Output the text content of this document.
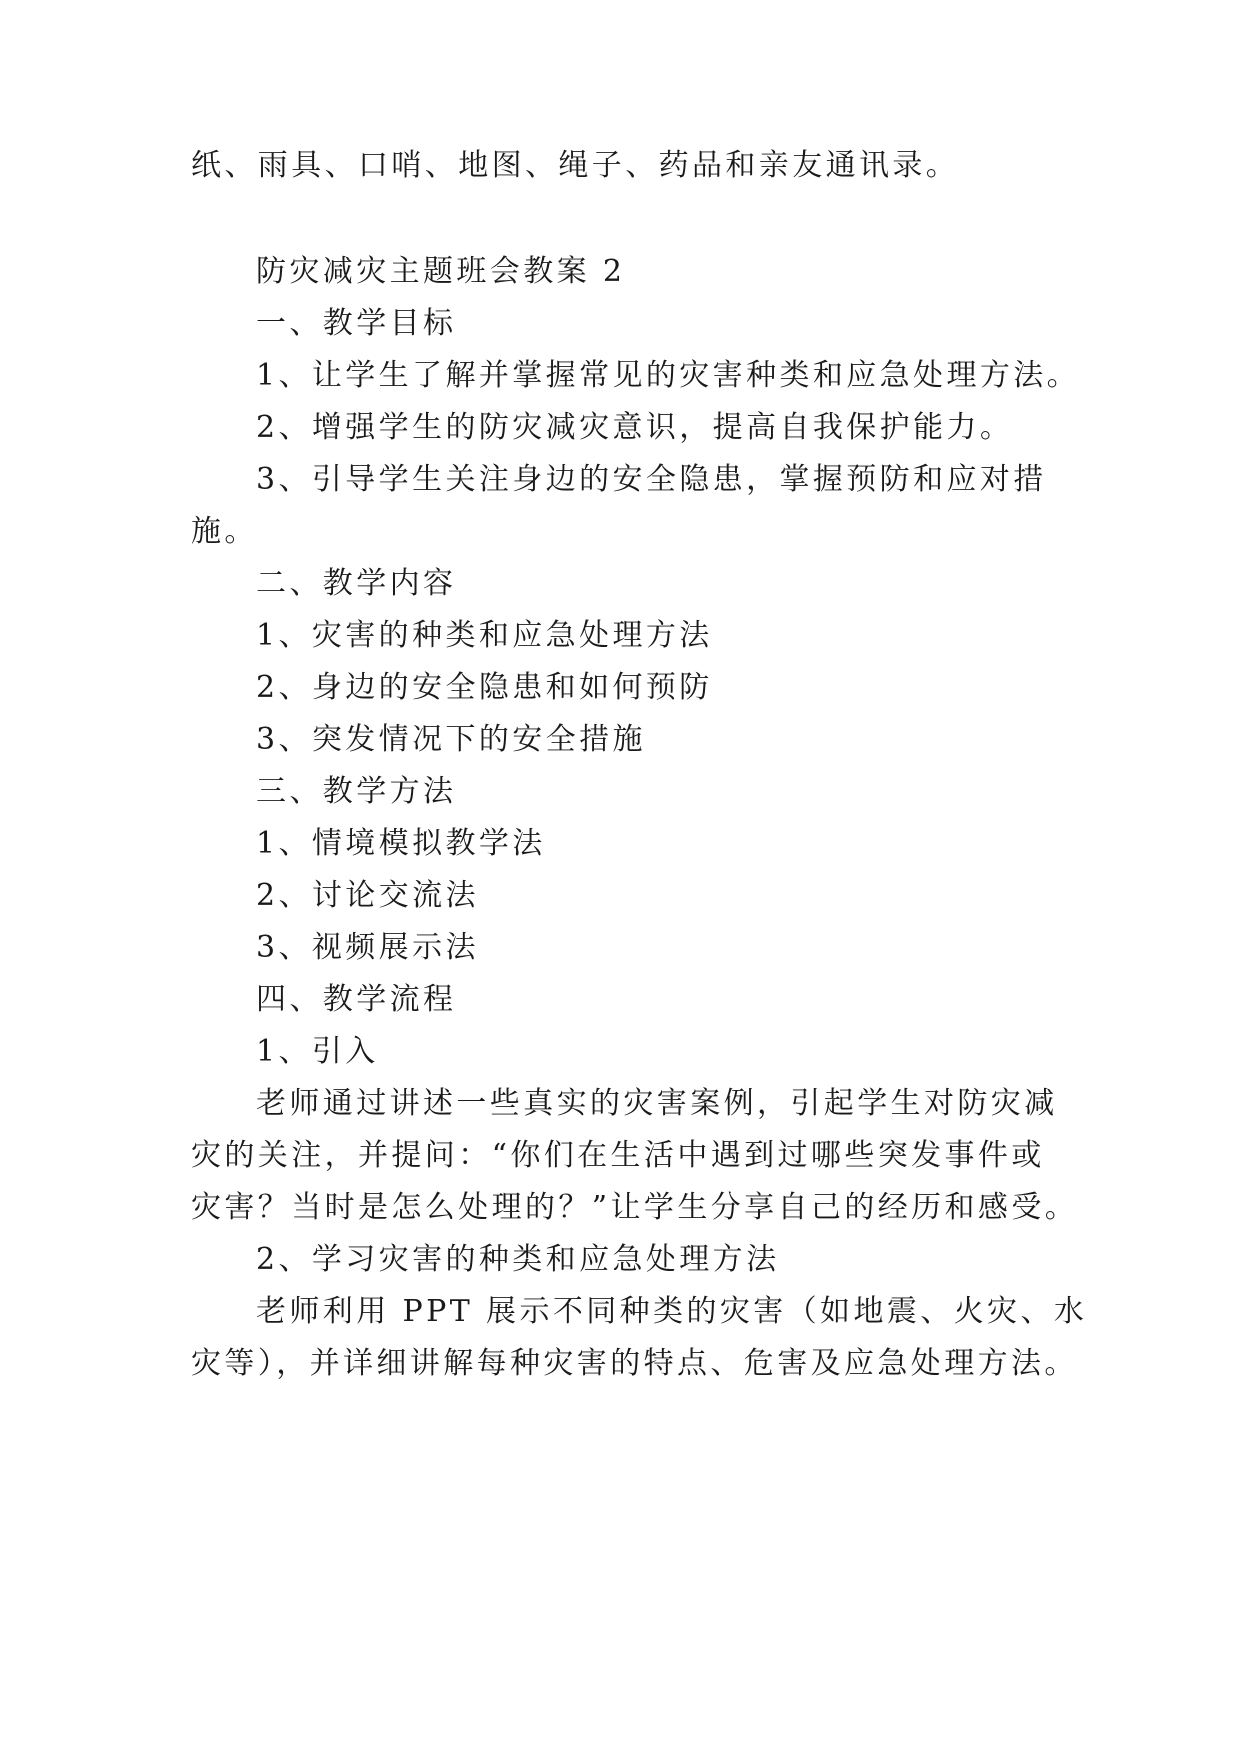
纸、雨具、口哨、地图、绳子、药品和亲友通讯录。
防灾减灾主题班会教案 2
一、教学目标
1、让学生了解并掌握常见的灾害种类和应急处理方法。
2、增强学生的防灾减灾意识，提高自我保护能力。
3、引导学生关注身边的安全隐患，掌握预防和应对措
施。
二、教学内容
1、灾害的种类和应急处理方法
2、身边的安全隐患和如何预防
3、突发情况下的安全措施
三、教学方法
1、情境模拟教学法
2、讨论交流法
3、视频展示法
四、教学流程
1、引入
老师通过讲述一些真实的灾害案例，引起学生对防灾减
灾的关注，并提问：“你们在生活中遇到过哪些突发事件或
灾害？当时是怎么处理的？”让学生分享自己的经历和感受。
2、学习灾害的种类和应急处理方法
老师利用 PPT 展示不同种类的灾害（如地震、火灾、水
灾等），并详细讲解每种灾害的特点、危害及应急处理方法。
